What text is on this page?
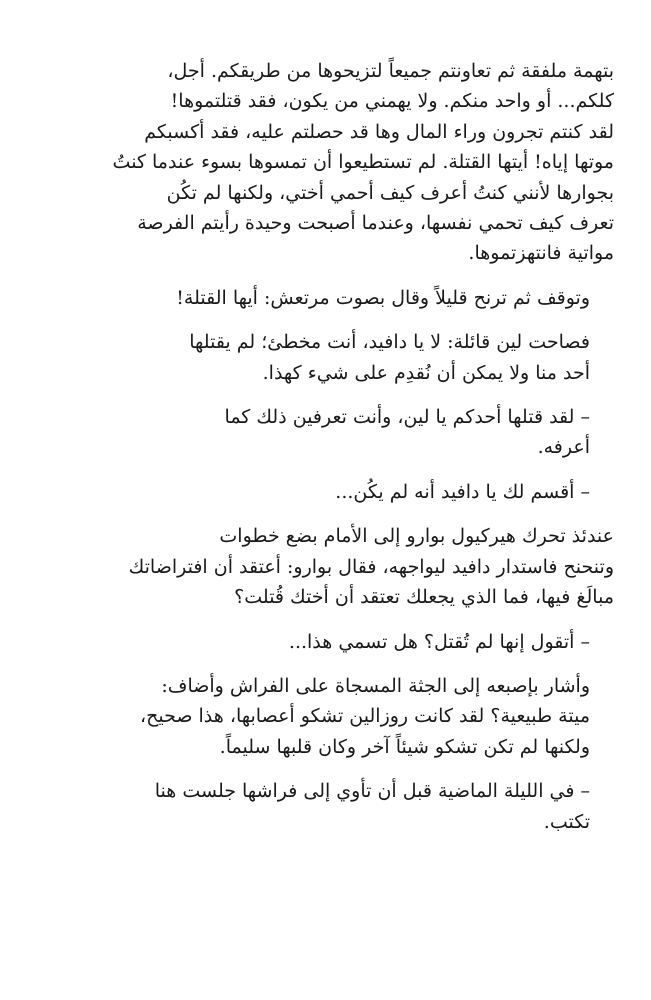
بتهمة ملفقة ثم تعاونتم جميعاً لتزيحوها من طريقكم. أجل،
كلكم... أو واحد منكم. ولا يهمني من يكون، فقد قتلتموها!
لقد كنتم تجرون وراء المال وها قد حصلتم عليه، فقد أكسبكم
موتها إياه! أيتها القتلة. لم تستطيعوا أن تمسوها بسوء عندما كنتُ
بجوارها لأنني كنتُ أعرف كيف أحمي أختي، ولكنها لم تكُن
تعرف كيف تحمي نفسها، وعندما أصبحت وحيدة رأيتم الفرصة
مواتية فانتهزتموها.

وتوقف ثم ترنح قليلاً وقال بصوت مرتعش: أيها القتلة!

فصاحت لين قائلة: لا يا دافيد، أنت مخطئ؛ لم يقتلها
أحد منا ولا يمكن أن نُقدِم على شيء كهذا.

– لقد قتلها أحدكم يا لين، وأنت تعرفين ذلك كما
أعرفه.

– أقسم لك يا دافيد أنه لم يكُن...

عندئذ تحرك هيركيول بوارو إلى الأمام بضع خطوات
وتنحنح فاستدار دافيد ليواجهه، فقال بوارو: أعتقد أن افتراضاتك
مبالَغ فيها، فما الذي يجعلك تعتقد أن أختك قُتلت؟

– أتقول إنها لم تُقتل؟ هل تسمي هذا...

وأشار بإصبعه إلى الجثة المسجاة على الفراش وأضاف:
ميتة طبيعية؟ لقد كانت روزالين تشكو أعصابها، هذا صحيح،
ولكنها لم تكن تشكو شيئاً آخر وكان قلبها سليماً.

– في الليلة الماضية قبل أن تأوي إلى فراشها جلست هنا
تكتب.
